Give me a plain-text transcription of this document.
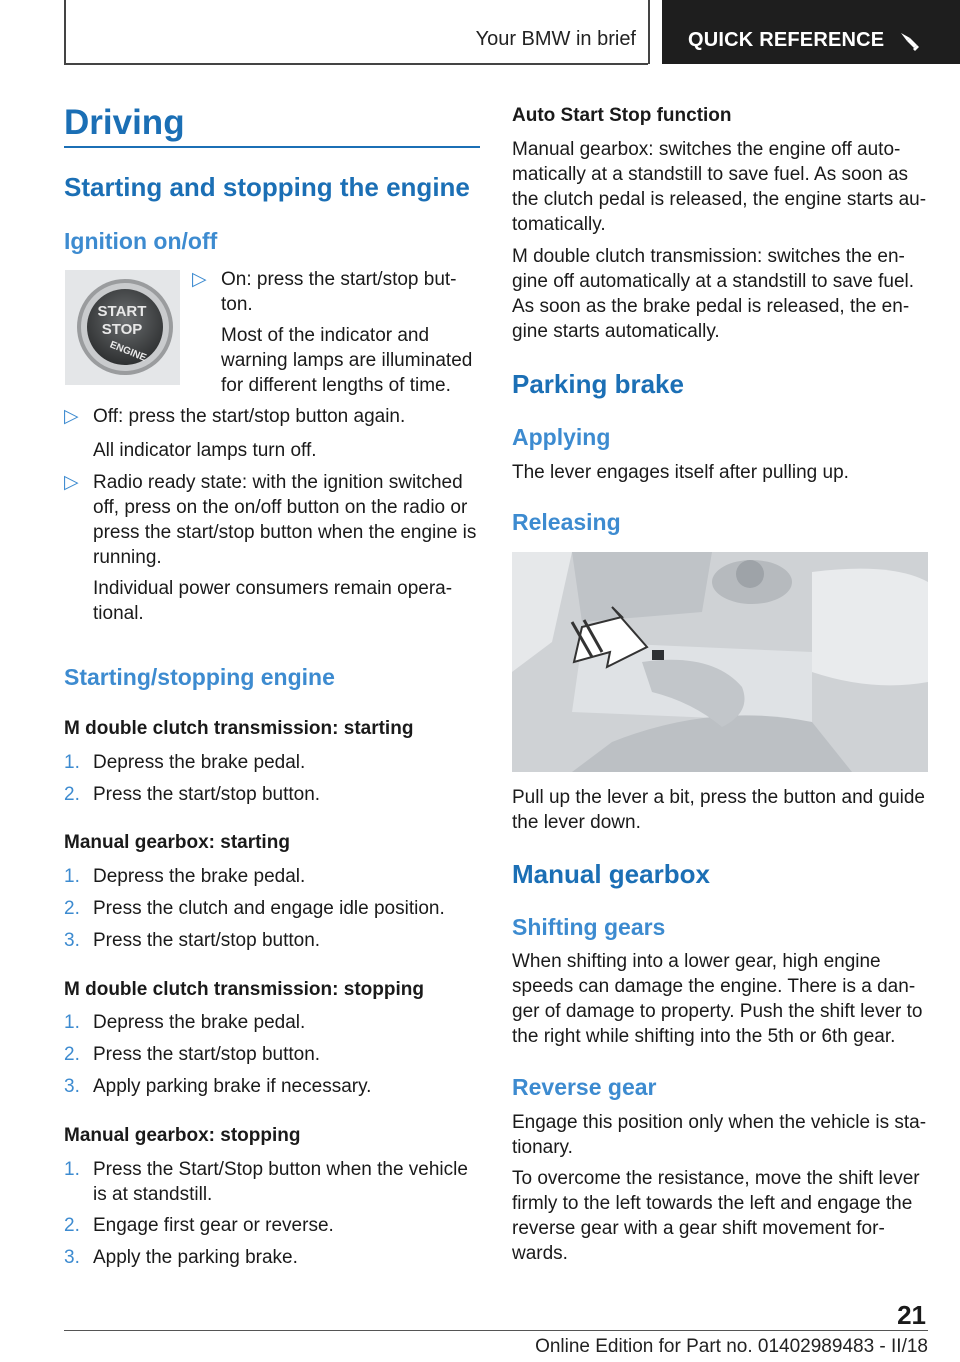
Your BMW in brief	QUICK REFERENCE
Driving
Starting and stopping the engine
Ignition on/off
START
STOP
ENGINE
▷ On: press the start/stop button.
Most of the indicator and warning lamps are illuminated for different lengths of time.
▷ Off: press the start/stop button again.
All indicator lamps turn off.
▷ Radio ready state: with the ignition switched off, press on the on/off button on the radio or press the start/stop button when the engine is running.
Individual power consumers remain operational.
Starting/stopping engine
M double clutch transmission: starting
1. Depress the brake pedal.
2. Press the start/stop button.
Manual gearbox: starting
1. Depress the brake pedal.
2. Press the clutch and engage idle position.
3. Press the start/stop button.
M double clutch transmission: stopping
1. Depress the brake pedal.
2. Press the start/stop button.
3. Apply parking brake if necessary.
Manual gearbox: stopping
1. Press the Start/Stop button when the vehicle is at standstill.
2. Engage first gear or reverse.
3. Apply the parking brake.
Auto Start Stop function
Manual gearbox: switches the engine off automatically at a standstill to save fuel. As soon as the clutch pedal is released, the engine starts automatically.
M double clutch transmission: switches the engine off automatically at a standstill to save fuel. As soon as the brake pedal is released, the engine starts automatically.
Parking brake
Applying
The lever engages itself after pulling up.
Releasing
Pull up the lever a bit, press the button and guide the lever down.
Manual gearbox
Shifting gears
When shifting into a lower gear, high engine speeds can damage the engine. There is a danger of damage to property. Push the shift lever to the right while shifting into the 5th or 6th gear.
Reverse gear
Engage this position only when the vehicle is stationary.
To overcome the resistance, move the shift lever firmly to the left towards the left and engage the reverse gear with a gear shift movement forwards.
21
Online Edition for Part no. 01402989483 - II/18
